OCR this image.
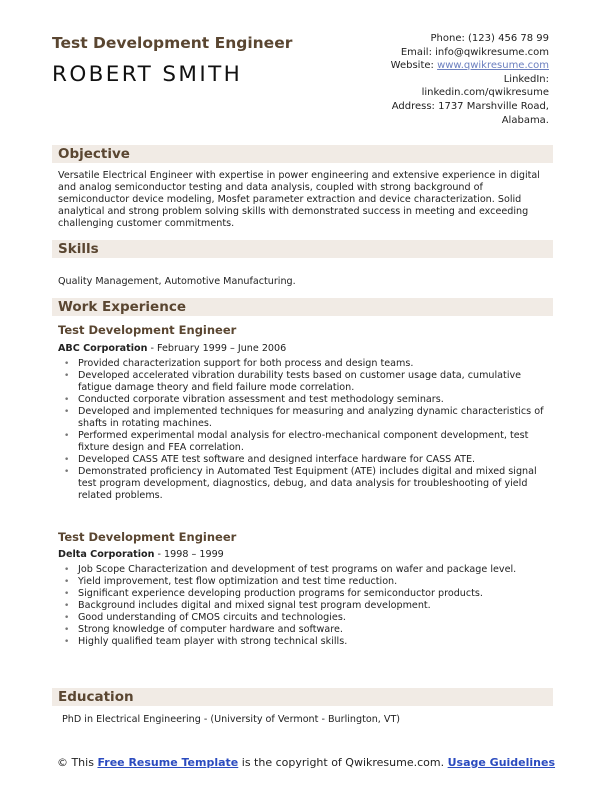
Test Development Engineer
ROBERT SMITH
Phone: (123) 456 78 99
Email: info@qwikresume.com
Website: www.qwikresume.com
LinkedIn:
linkedin.com/qwikresume
Address: 1737 Marshville Road,
Alabama.
Objective
Versatile Electrical Engineer with expertise in power engineering and extensive experience in digital and analog semiconductor testing and data analysis, coupled with strong background of semiconductor device modeling, Mosfet parameter extraction and device characterization. Solid analytical and strong problem solving skills with demonstrated success in meeting and exceeding challenging customer commitments.
Skills
Quality Management, Automotive Manufacturing.
Work Experience
Test Development Engineer
ABC Corporation - February 1999 – June 2006
• Provided characterization support for both process and design teams.
• Developed accelerated vibration durability tests based on customer usage data, cumulative fatigue damage theory and field failure mode correlation.
• Conducted corporate vibration assessment and test methodology seminars.
• Developed and implemented techniques for measuring and analyzing dynamic characteristics of shafts in rotating machines.
• Performed experimental modal analysis for electro-mechanical component development, test fixture design and FEA correlation.
• Developed CASS ATE test software and designed interface hardware for CASS ATE.
• Demonstrated proficiency in Automated Test Equipment (ATE) includes digital and mixed signal test program development, diagnostics, debug, and data analysis for troubleshooting of yield related problems.
Test Development Engineer
Delta Corporation - 1998 – 1999
• Job Scope Characterization and development of test programs on wafer and package level.
• Yield improvement, test flow optimization and test time reduction.
• Significant experience developing production programs for semiconductor products.
• Background includes digital and mixed signal test program development.
• Good understanding of CMOS circuits and technologies.
• Strong knowledge of computer hardware and software.
• Highly qualified team player with strong technical skills.
Education
PhD in Electrical Engineering - (University of Vermont - Burlington, VT)
© This Free Resume Template is the copyright of Qwikresume.com. Usage Guidelines
